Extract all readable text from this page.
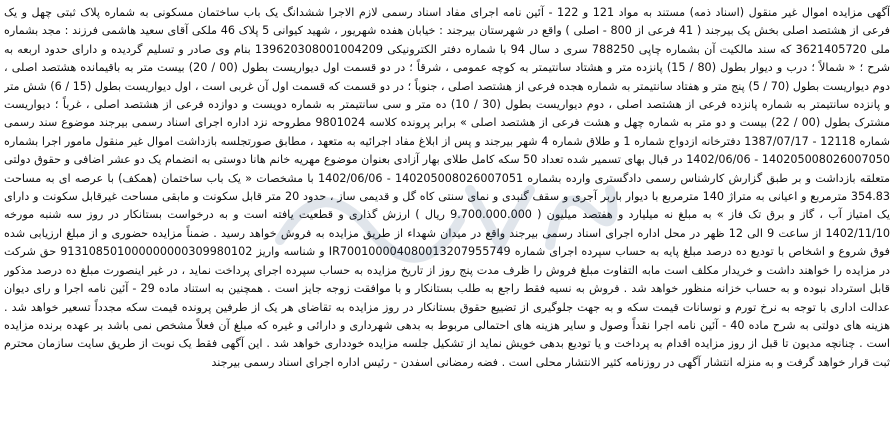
آگهی مزایده اموال غیر منقول (اسناد ذمه) مستند به مواد 121 و 122 - آئین نامه اجرای مفاد اسناد رسمی لازم الاجرا ششدانگ یک باب ساختمان مسکونی به شماره پلاک ثبتی چهل و یک فرعی از هشتصد اصلی بخش یک بیرجند ( 41 فرعی از 800 - اصلی ) واقع در شهرستان بیرجند : خیابان هفده شهریور ، شهید کیوانی 5 پلاک 46 ملکی آقای سعید هاشمی فرزند : مجد بشماره ملی 3621405720 که سند مالکیت آن بشماره چاپی 788250 سری د سال 94 با شماره دفتر الکترونیکی 139620308001004209 بنام وی صادر و تسلیم گردیده و دارای حدود اربعه به شرح ؛ « شمالاً ؛ درب و دیوار بطول (80 / 15) پانزده متر و هشتاد سانتیمتر به کوچه عمومی ، شرقاً ؛ در دو قسمت اول دیواریست بطول (00 / 20) بیست متر به باقیمانده هشتصد اصلی ، دوم دیواریست بطول (70 / 5) پنج متر و هفتاد سانتیمتر به شماره هجده فرعی از هشتصد اصلی ، جنوباً ؛ در دو قسمت که قسمت اول آن غربی است ، اول دیواریست بطول (15 / 6) شش متر و پانزده سانتیمتر به شماره پانزده فرعی از هشتصد اصلی ، دوم دیواریست بطول (30 / 10) ده متر و سی سانتیمتر به شماره دویست و دوازده فرعی از هشتصد اصلی ، غرباً ؛ دیواریست مشترک بطول (00 / 22) بیست و دو متر به شماره چهل و هشت فرعی از هشتصد اصلی » برابر پرونده کلاسه 9801024 مطروحه نزد اداره اجرای اسناد رسمی بیرجند موضوع سند رسمی شماره 12118 - 1387/07/17 دفترخانه ازدواج شماره 1 و طلاق شماره 4 شهر بیرجند و پس از ابلاغ مفاد اجرائیه به متعهد ، مطابق صورتجلسه بازداشت اموال غیر منقول مامور اجرا بشماره 140205008026007050 - 1402/06/06 در قبال بهای تسمیر شده تعداد 50 سکه کامل طلای بهار آزادی بعنوان موضوع مهریه خانم هانا دوستی به انضمام یک دو عشر اضافی و حقوق دولتی متعلقه بازداشت و بر طبق گزارش کارشناس رسمی دادگستری وارده بشماره 140205008026007051 - 1402/06/06 با مشخصات « یک باب ساختمان (همکف) با عرصه ای به مساحت 354.83 مترمربع و اعیانی به متراژ 140 مترمربع با دیوار باربر آجری و سقف گنبدی و نمای سنتی کاه گل و قدیمی ساز ، حدود 20 متر قابل سکونت و مابقی مساحت غیرقابل سکونت و دارای یک امتیاز آب ، گاز و برق تک فاز » به مبلغ نه میلیارد و هفتصد میلیون ( 9.700.000.000 ریال ) ارزش گذاری و قطعیت یافته است و به درخواست بستانکار در روز سه شنبه مورخه 1402/11/10 از ساعت 9 الی 12 ظهر در محل اداره اجرای اسناد رسمی بیرجند واقع در میدان شهداء از طریق مزایده به فروش خواهد رسید . ضمناً مزایده حضوری و از مبلغ ارزیابی شده فوق شروع و اشخاص با تودیع ده درصد مبلغ پایه به حساب سپرده اجرای شماره IR700100004080013207955749 و شناسه واریز 913108501000000000309980102 حق شرکت در مزایده را خواهند داشت و خریدار مکلف است مابه التفاوت مبلغ فروش را ظرف مدت پنج روز از تاریخ مزایده به حساب سپرده اجرای پرداخت نماید ، در غیر اینصورت مبلغ ده درصد مذکور قابل استرداد نبوده و به حساب خزانه منظور خواهد شد . فروش به نسیه فقط راجع به طلب بستانکار و با موافقت زوجه جایز است . همچنین به استناد ماده 29 - آئین نامه اجرا و رای دیوان عدالت اداری با توجه به نرخ تورم و نوسانات قیمت سکه و به جهت جلوگیری از تضییع حقوق بستانکار در روز مزایده به تقاضای هر یک از طرفین پرونده قیمت سکه مجدداً تسعیر خواهد شد . هزینه های دولتی به شرح ماده 40 - آئین نامه اجرا نقداً وصول و سایر هزینه های احتمالی مربوط به بدهی شهرداری و دارائی و غیره که مبلغ آن فعلاً مشخص نمی باشد بر عهده برنده مزایده است . چنانچه مدیون تا قبل از روز مزایده اقدام به پرداخت و یا تودیع بدهی خویش نماید از تشکیل جلسه مزایده خودداری خواهد شد . این آگهی فقط یک نوبت از طریق سایت سازمان محترم ثبت قرار خواهد گرفت و به منزله انتشار آگهی در روزنامه کثیر الانتشار محلی است . فضه رمضانی اسفدن - رئیس اداره اجرای اسناد رسمی بیرجند
